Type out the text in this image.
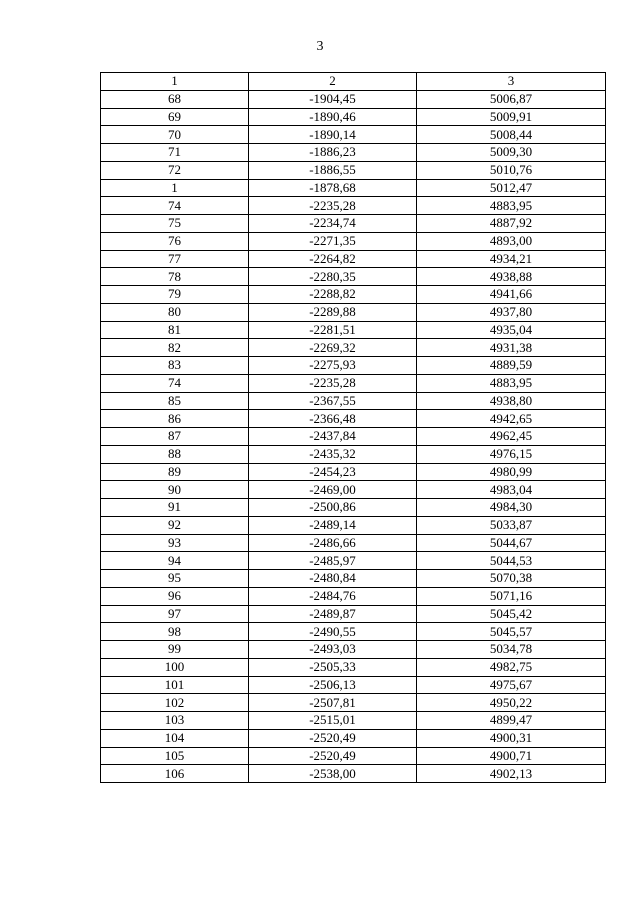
3
1	2	3
68	-1904,45	5006,87
69	-1890,46	5009,91
70	-1890,14	5008,44
71	-1886,23	5009,30
72	-1886,55	5010,76
1	-1878,68	5012,47
74	-2235,28	4883,95
75	-2234,74	4887,92
76	-2271,35	4893,00
77	-2264,82	4934,21
78	-2280,35	4938,88
79	-2288,82	4941,66
80	-2289,88	4937,80
81	-2281,51	4935,04
82	-2269,32	4931,38
83	-2275,93	4889,59
74	-2235,28	4883,95
85	-2367,55	4938,80
86	-2366,48	4942,65
87	-2437,84	4962,45
88	-2435,32	4976,15
89	-2454,23	4980,99
90	-2469,00	4983,04
91	-2500,86	4984,30
92	-2489,14	5033,87
93	-2486,66	5044,67
94	-2485,97	5044,53
95	-2480,84	5070,38
96	-2484,76	5071,16
97	-2489,87	5045,42
98	-2490,55	5045,57
99	-2493,03	5034,78
100	-2505,33	4982,75
101	-2506,13	4975,67
102	-2507,81	4950,22
103	-2515,01	4899,47
104	-2520,49	4900,31
105	-2520,49	4900,71
106	-2538,00	4902,13
